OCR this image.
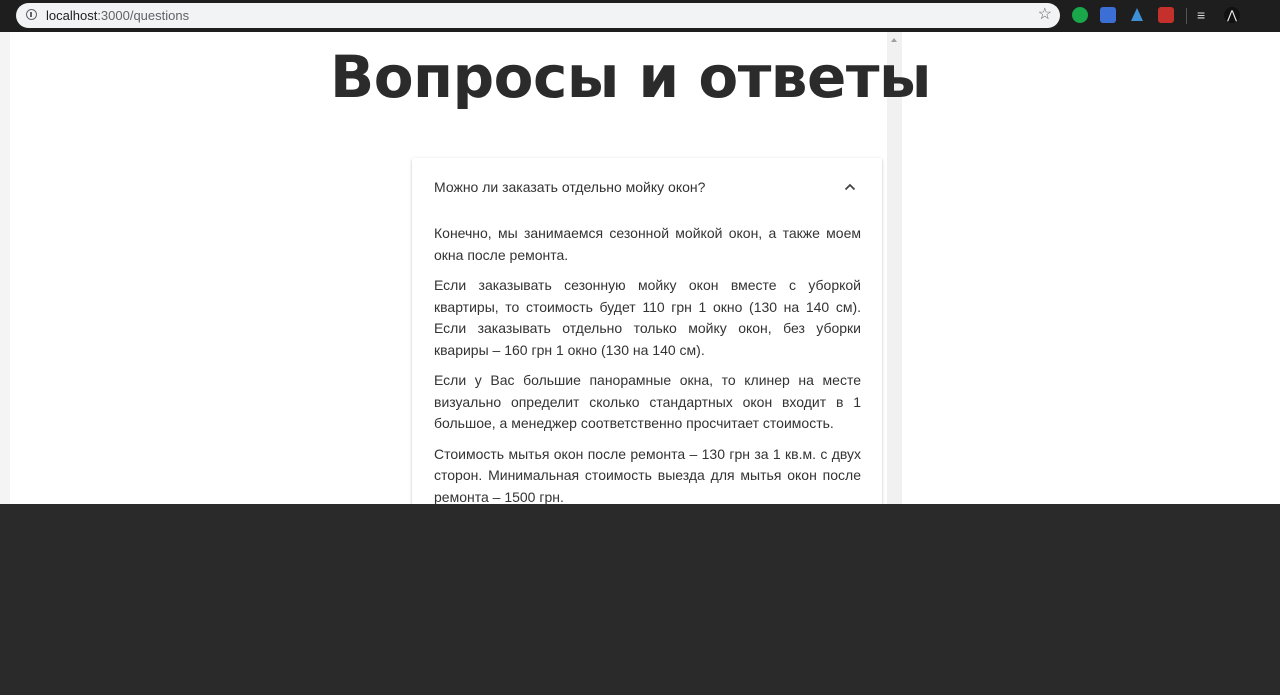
localhost:3000/questions	☆	≡	⋀
Вопросы и ответы
Можно ли заказать отдельно мойку окон?

Конечно, мы занимаемся сезонной мойкой окон, а также моем окна после ремонта.

Если заказывать сезонную мойку окон вместе с уборкой квартиры, то стоимость будет 110 грн 1 окно (130 на 140 см). Если заказывать отдельно только мойку окон, без уборки квариры – 160 грн 1 окно (130 на 140 см).

Если у Вас большие панорамные окна, то клинер на месте визуально определит сколько стандартных окон входит в 1 большое, а менеджер соответственно просчитает стоимость.

Стоимость мытья окон после ремонта – 130 грн за 1 кв.м. с двух сторон. Минимальная стоимость выезда для мытья окон после ремонта – 1500 грн.
